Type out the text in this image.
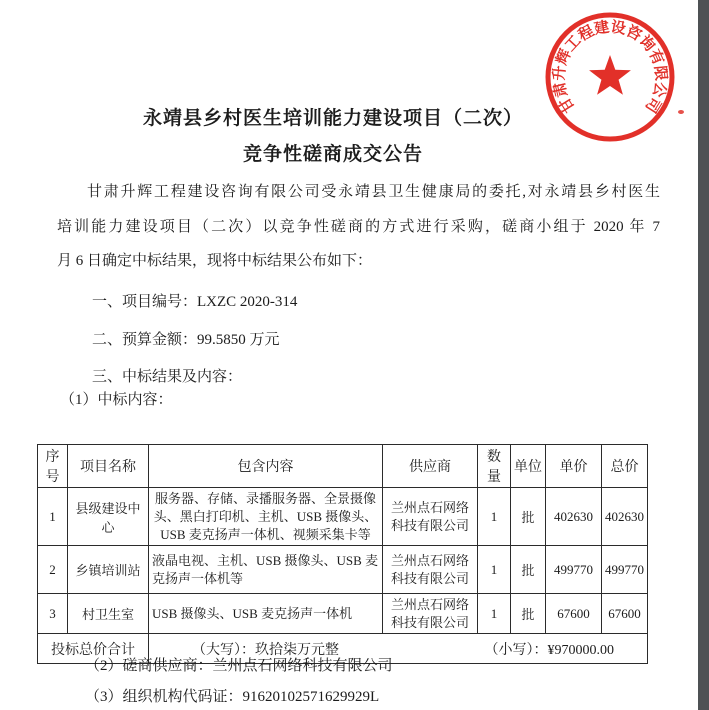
甘
肃
升
辉
工
程
建
设
咨
询
有
限
公
司
永靖县乡村医生培训能力建设项目（二次）
竞争性磋商成交公告
甘肃升辉工程建设咨询有限公司受永靖县卫生健康局的委托,对永靖县乡村医生
培训能力建设项目（二次）以竞争性磋商的方式进行采购，磋商小组于 2020 年 7
月 6 日确定中标结果，现将中标结果公布如下：
一、项目编号：LXZC 2020-314
二、预算金额：99.5850 万元
三、中标结果及内容：
（1）中标内容：
序号	项目名称	包含内容	供应商	数量	单位	单价	总价
1	县级建设中心	服务器、存储、录播服务器、全景摄像头、黑白打印机、主机、USB 摄像头、USB 麦克扬声一体机、视频采集卡等	兰州点石网络科技有限公司	1	批	402630	402630
2	乡镇培训站	液晶电视、主机、USB 摄像头、USB 麦克扬声一体机等	兰州点石网络科技有限公司	1	批	499770	499770
3	村卫生室	USB 摄像头、USB 麦克扬声一体机	兰州点石网络科技有限公司	1	批	67600	67600
投标总价合计		（大写）：玖拾柒万元整 （小写）：¥970000.00					
（2）磋商供应商：兰州点石网络科技有限公司
（3）组织机构代码证：91620102571629929L
